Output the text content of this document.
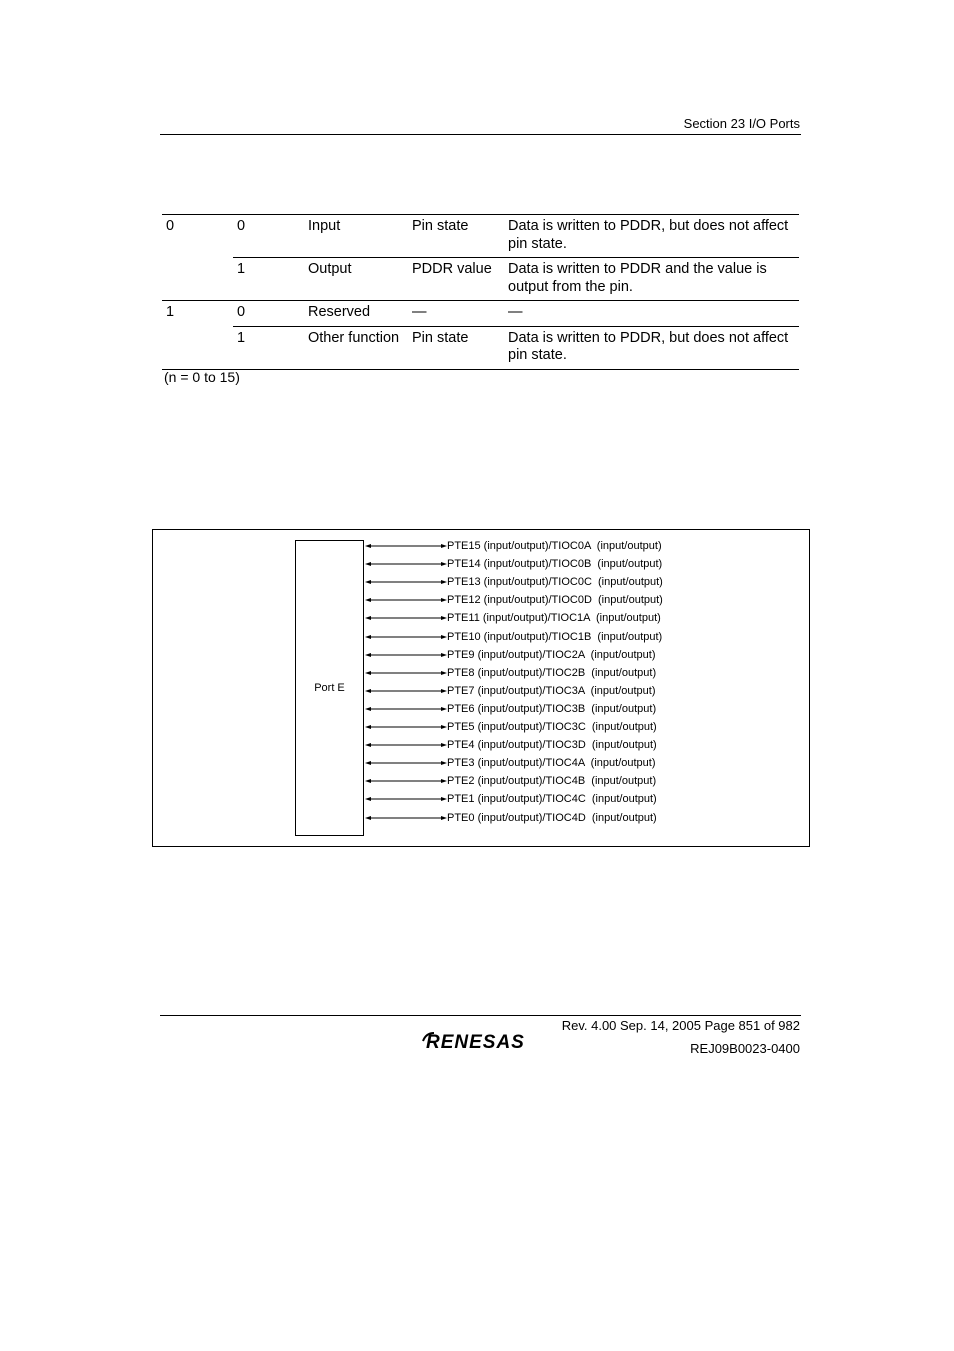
Section 23 I/O Ports
0	0	Input	Pin state	Data is written to PDDR, but does not affect pin state.
	1	Output	PDDR value	Data is written to PDDR and the value is output from the pin.
1	0	Reserved	—	—
	1	Other function	Pin state	Data is written to PDDR, but does not affect pin state.
(n = 0 to 15)
Port E
PTE15 (input/output)/TIOC0A  (input/output)
PTE14 (input/output)/TIOC0B  (input/output)
PTE13 (input/output)/TIOC0C  (input/output)
PTE12 (input/output)/TIOC0D  (input/output)
PTE11 (input/output)/TIOC1A  (input/output)
PTE10 (input/output)/TIOC1B  (input/output)
PTE9 (input/output)/TIOC2A  (input/output)
PTE8 (input/output)/TIOC2B  (input/output)
PTE7 (input/output)/TIOC3A  (input/output)
PTE6 (input/output)/TIOC3B  (input/output)
PTE5 (input/output)/TIOC3C  (input/output)
PTE4 (input/output)/TIOC3D  (input/output)
PTE3 (input/output)/TIOC4A  (input/output)
PTE2 (input/output)/TIOC4B  (input/output)
PTE1 (input/output)/TIOC4C  (input/output)
PTE0 (input/output)/TIOC4D  (input/output)
Rev. 4.00 Sep. 14, 2005 Page 851 of 982
REJ09B0023-0400
RENESAS
